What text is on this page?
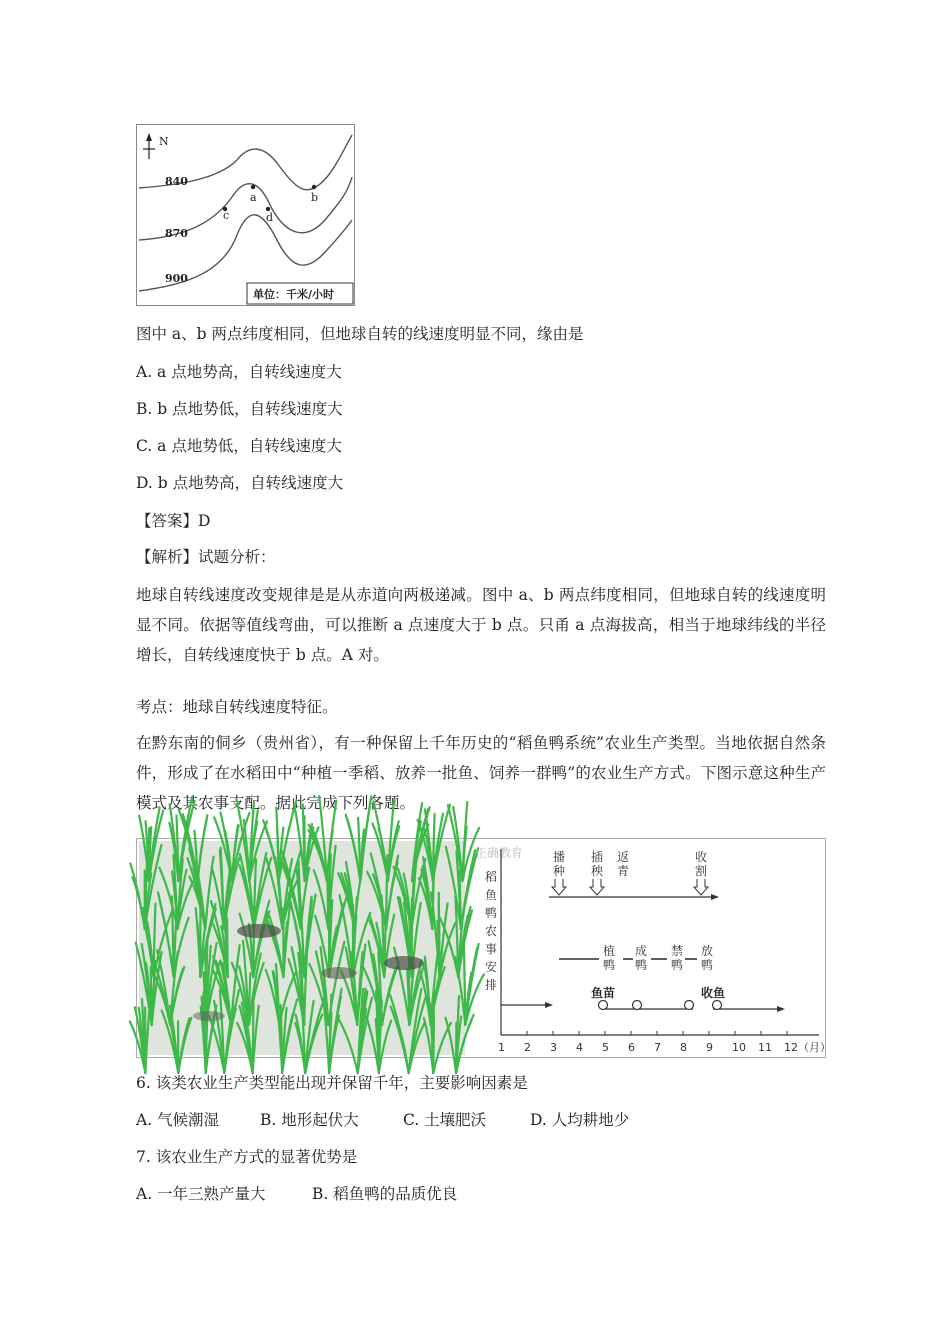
N
840
870
900
a	b
c	d
单位：千米/小时
图中 a、b 两点纬度相同，但地球自转的线速度明显不同，缘由是
A. a 点地势高，自转线速度大
B. b 点地势低，自转线速度大
C. a 点地势低，自转线速度大
D. b 点地势高，自转线速度大
【答案】D
【解析】试题分析：
地球自转线速度改变规律是是从赤道向两极递减。图中 a、b 两点纬度相同，但地球自转的线速度明显不同。依据等值线弯曲，可以推断 a 点速度大于 b 点。只甬 a 点海拔高，相当于地球纬线的半径增长，自转线速度快于 b 点。A 对。
考点：地球自转线速度特征。
在黔东南的侗乡（贵州省），有一种保留上千年历史的“稻鱼鸭系统”农业生产类型。当地依据自然条件，形成了在水稻田中“种植一季稻、放养一批鱼、饲养一群鸭”的农业生产方式。下图示意这种生产模式及其农事支配。据此完成下列各题。
正确教育
稻
鱼
鸭
农
事
安
排
1 2 3 4 5 6 7 8 9 10 11 12（月）
播
种
插
秧
返
青
收
割
植
鸭
成
鸭
禁
鸭
放
鸭
鱼苗	收鱼
6. 该类农业生产类型能出现并保留千年，主要影响因素是
A. 气候潮湿	B. 地形起伏大	C. 土壤肥沃	D. 人均耕地少
7. 该农业生产方式的显著优势是
A. 一年三熟产量大	B. 稻鱼鸭的品质优良
